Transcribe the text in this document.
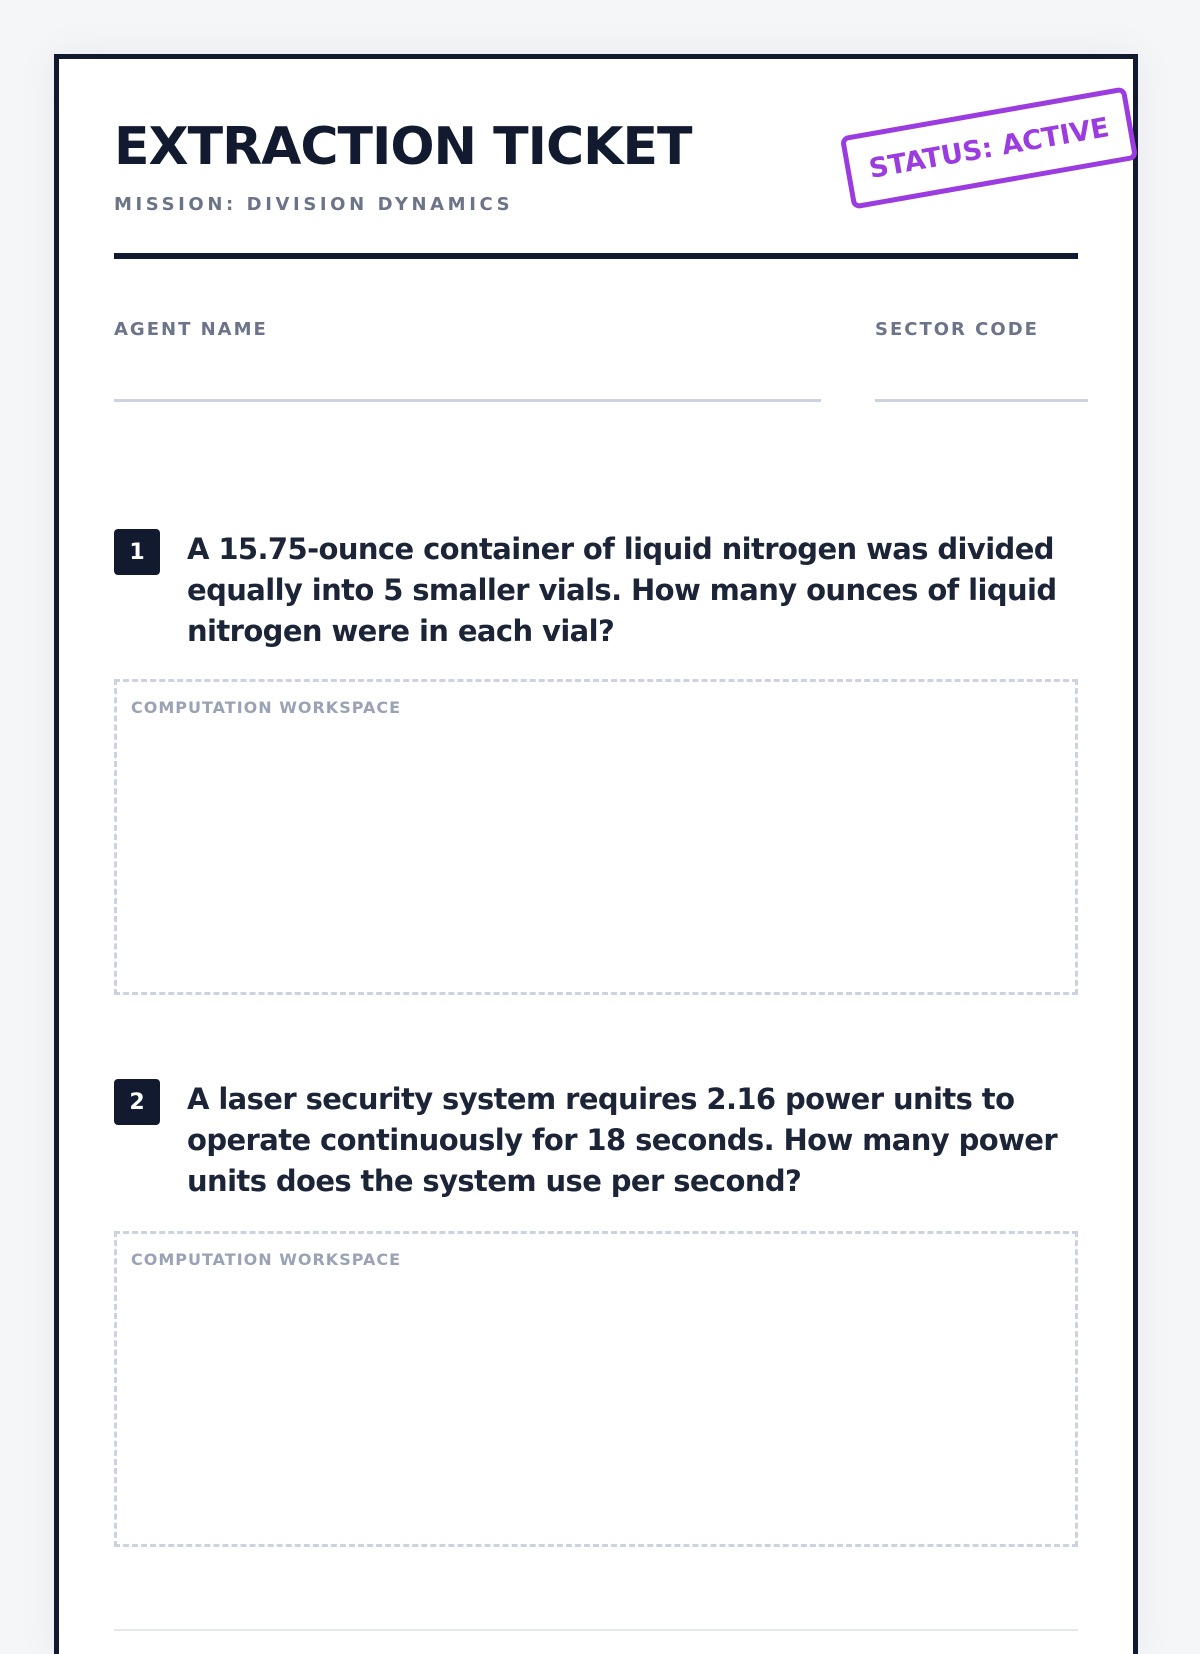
EXTRACTION TICKET
MISSION: DIVISION DYNAMICS
STATUS: ACTIVE
AGENT NAME	SECTOR CODE
1	A 15.75-ounce container of liquid nitrogen was divided equally into 5 smaller vials. How many ounces of liquid nitrogen were in each vial?

COMPUTATION WORKSPACE
2	A laser security system requires 2.16 power units to operate continuously for 18 seconds. How many power units does the system use per second?

COMPUTATION WORKSPACE
